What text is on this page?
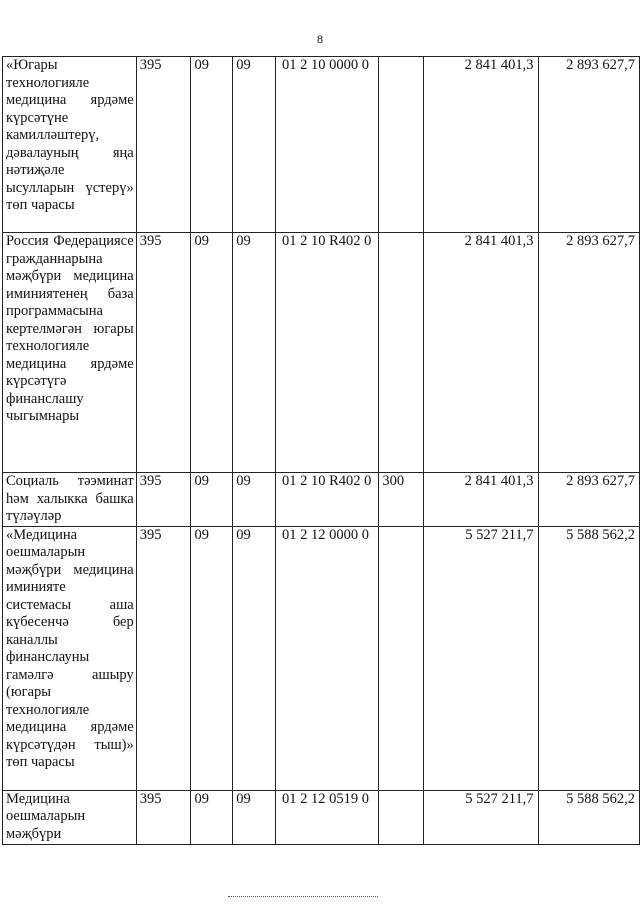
8
«Югары технологияле медицина ярдәме күрсәтүне камилләштерү, дәвалауның яңа нәтиҗәле ысулларын үстерү» төп чарасы	395	09	09	01 2 10 0000 0		2 841 401,3	2 893 627,7
Россия Федерациясе гражданнарына мәҗбүри медицина иминиятенең база программасына кертелмәгән югары технологияле медицина ярдәме күрсәтүгә финанслашу чыгымнары	395	09	09	01 2 10 R402 0		2 841 401,3	2 893 627,7
Социаль тәэминат һәм халыкка башка түләүләр	395	09	09	01 2 10 R402 0	300	2 841 401,3	2 893 627,7
«Медицина оешмаларын мәҗбүри медицина иминияте системасы аша күбесенчә бер каналлы финанслауны гамәлгә ашыру (югары технологияле медицина ярдәме күрсәтүдән тыш)» төп чарасы	395	09	09	01 2 12 0000 0		5 527 211,7	5 588 562,2
Медицина оешмаларын мәҗбүри	395	09	09	01 2 12 0519 0		5 527 211,7	5 588 562,2
